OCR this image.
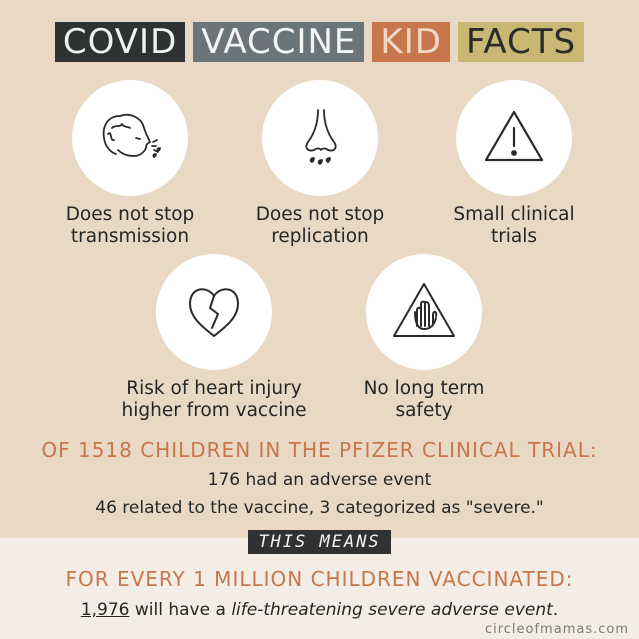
COVID VACCINE KID FACTS
Does not stop
transmission
Does not stop
replication
Small clinical
trials
Risk of heart injury
higher from vaccine
No long term
safety
OF 1518 CHILDREN IN THE PFIZER CLINICAL TRIAL:
176 had an adverse event
46 related to the vaccine, 3 categorized as "severe."
THIS MEANS
FOR EVERY 1 MILLION CHILDREN VACCINATED:
1,976 will have a life-threatening severe adverse event.
circleofmamas.com
